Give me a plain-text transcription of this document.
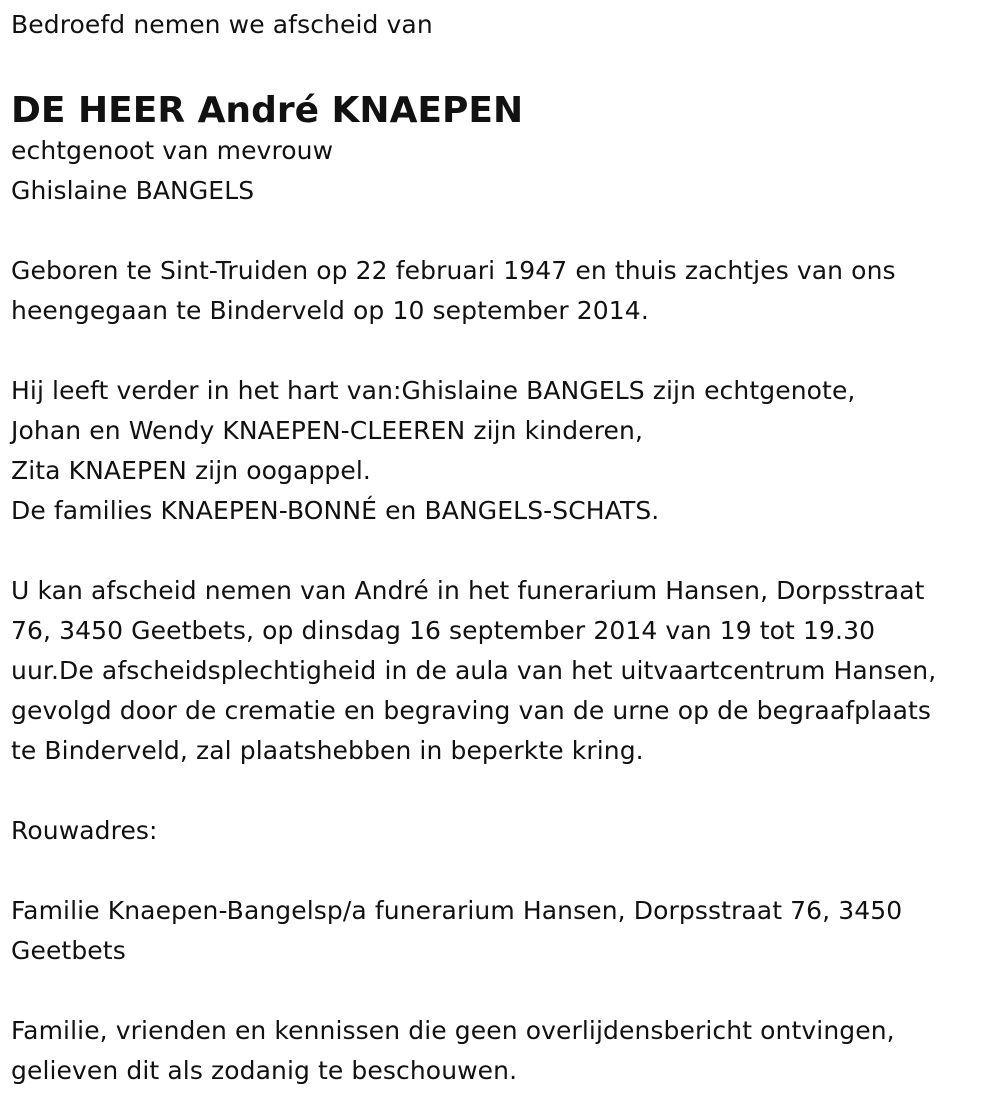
Bedroefd nemen we afscheid van
DE HEER André KNAEPEN
echtgenoot van mevrouw
Ghislaine BANGELS
Geboren te Sint-Truiden op 22 februari 1947 en thuis zachtjes van ons
heengegaan te Binderveld op 10 september 2014.
Hij leeft verder in het hart van:Ghislaine BANGELS zijn echtgenote,
Johan en Wendy KNAEPEN-CLEEREN zijn kinderen,
Zita KNAEPEN zijn oogappel.
De families KNAEPEN-BONNÉ en BANGELS-SCHATS.
U kan afscheid nemen van André in het funerarium Hansen, Dorpsstraat
76, 3450 Geetbets, op dinsdag 16 september 2014 van 19 tot 19.30
uur.De afscheidsplechtigheid in de aula van het uitvaartcentrum Hansen,
gevolgd door de crematie en begraving van de urne op de begraafplaats
te Binderveld, zal plaatshebben in beperkte kring.
Rouwadres:
Familie Knaepen-Bangelsp/a funerarium Hansen, Dorpsstraat 76, 3450
Geetbets
Familie, vrienden en kennissen die geen overlijdensbericht ontvingen,
gelieven dit als zodanig te beschouwen.
